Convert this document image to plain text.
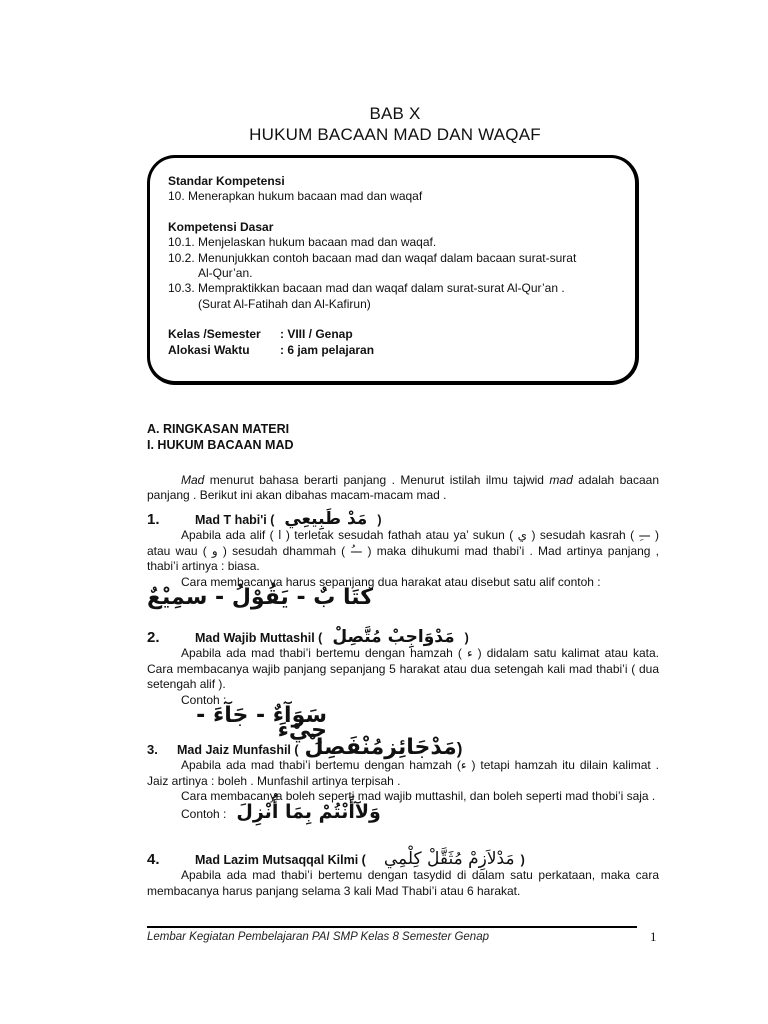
BAB X
HUKUM BACAAN MAD DAN WAQAF
Standar Kompetensi
10. Menerapkan hukum bacaan mad dan waqaf
Kompetensi Dasar
10.1. Menjelaskan hukum bacaan mad dan waqaf.
10.2. Menunjukkan contoh bacaan mad dan waqaf dalam bacaan surat-surat
Al-Qur’an.
10.3. Mempraktikkan bacaan mad dan waqaf dalam surat-surat Al-Qur’an .
(Surat Al-Fatihah dan Al-Kafirun)
Kelas /Semester	: VIII / Genap
Alokasi Waktu	: 6 jam pelajaran
A. RINGKASAN MATERI
I. HUKUM BACAAN MAD
Mad menurut bahasa berarti panjang . Menurut istilah ilmu tajwid mad adalah bacaan panjang . Berikut ini akan dibahas macam-macam mad .
1.	Mad T habi'i ( مَدْ طَبِيعِي )
Apabila ada alif ( ا ) terletak sesudah fathah atau ya’ sukun ( ي ) sesudah kasrah ( —ِ ) atau wau ( و ) sesudah dhammah ( —ُ ) maka dihukumi mad thabi’i . Mad artinya panjang , thabi’i artinya : biasa.
Cara membacanya harus sepanjang dua harakat atau disebut satu alif contoh :
كتَا بٌ - يَقُوْلُ - سمِيْعٌ
2.	Mad Wajib Muttashil ( مَدْوَاجِبْ مُتَّصِلْ )
Apabila ada mad thabi’i bertemu dengan hamzah ( ء ) didalam satu kalimat atau kata. Cara membacanya wajib panjang sepanjang 5 harakat atau dua setengah kali mad thabi’i ( dua setengah alif ).
Contoh :
سَوَآءٌ - جَآءَ - جِيْءَ
3.	Mad Jaiz Munfashil ( مَدْجَائِزمُنْفَصِلْ )
Apabila ada mad thabi’i bertemu dengan hamzah (ء ) tetapi hamzah itu dilain kalimat . Jaiz artinya : boleh . Munfashil artinya terpisah .
Cara membacanya boleh seperti mad wajib muttashil, dan boleh seperti mad thobi’i saja .
Contoh : وَلآأَنْتُمْ بِمَا أُنْزِلَ
4.	Mad Lazim Mutsaqqal Kilmi ( مَدْلاَزِمْ مُثَقَّلْ كِلْمِي )
Apabila ada mad thabi’i bertemu dengan tasydid di dalam satu perkataan, maka cara membacanya harus panjang selama 3 kali Mad Thabi’i atau 6 harakat.
Lembar Kegiatan Pembelajaran PAI SMP Kelas 8 Semester Genap	1
